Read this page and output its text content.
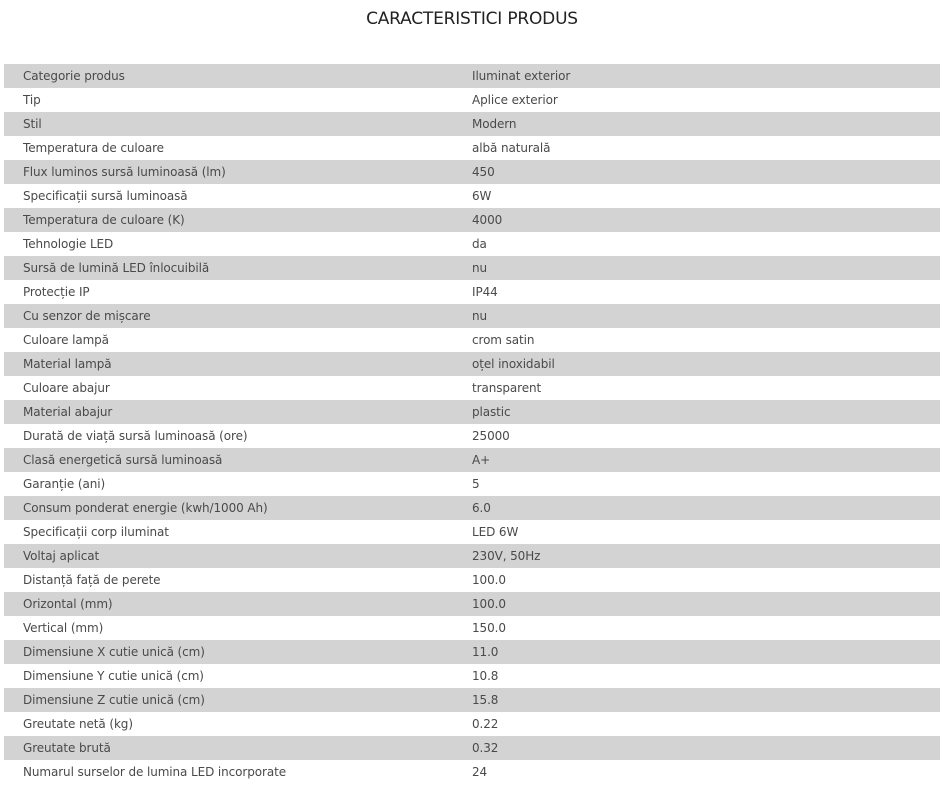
CARACTERISTICI PRODUS
Categorie produs	Iluminat exterior
Tip	Aplice exterior
Stil	Modern
Temperatura de culoare	albă naturală
Flux luminos sursă luminoasă (lm)	450
Specificații sursă luminoasă	6W
Temperatura de culoare (K)	4000
Tehnologie LED	da
Sursă de lumină LED înlocuibilă	nu
Protecție IP	IP44
Cu senzor de mișcare	nu
Culoare lampă	crom satin
Material lampă	oțel inoxidabil
Culoare abajur	transparent
Material abajur	plastic
Durată de viață sursă luminoasă (ore)	25000
Clasă energetică sursă luminoasă	A+
Garanție (ani)	5
Consum ponderat energie (kwh/1000 Ah)	6.0
Specificații corp iluminat	LED 6W
Voltaj aplicat	230V, 50Hz
Distanță față de perete	100.0
Orizontal (mm)	100.0
Vertical (mm)	150.0
Dimensiune X cutie unică (cm)	11.0
Dimensiune Y cutie unică (cm)	10.8
Dimensiune Z cutie unică (cm)	15.8
Greutate netă (kg)	0.22
Greutate brută	0.32
Numarul surselor de lumina LED incorporate	24
